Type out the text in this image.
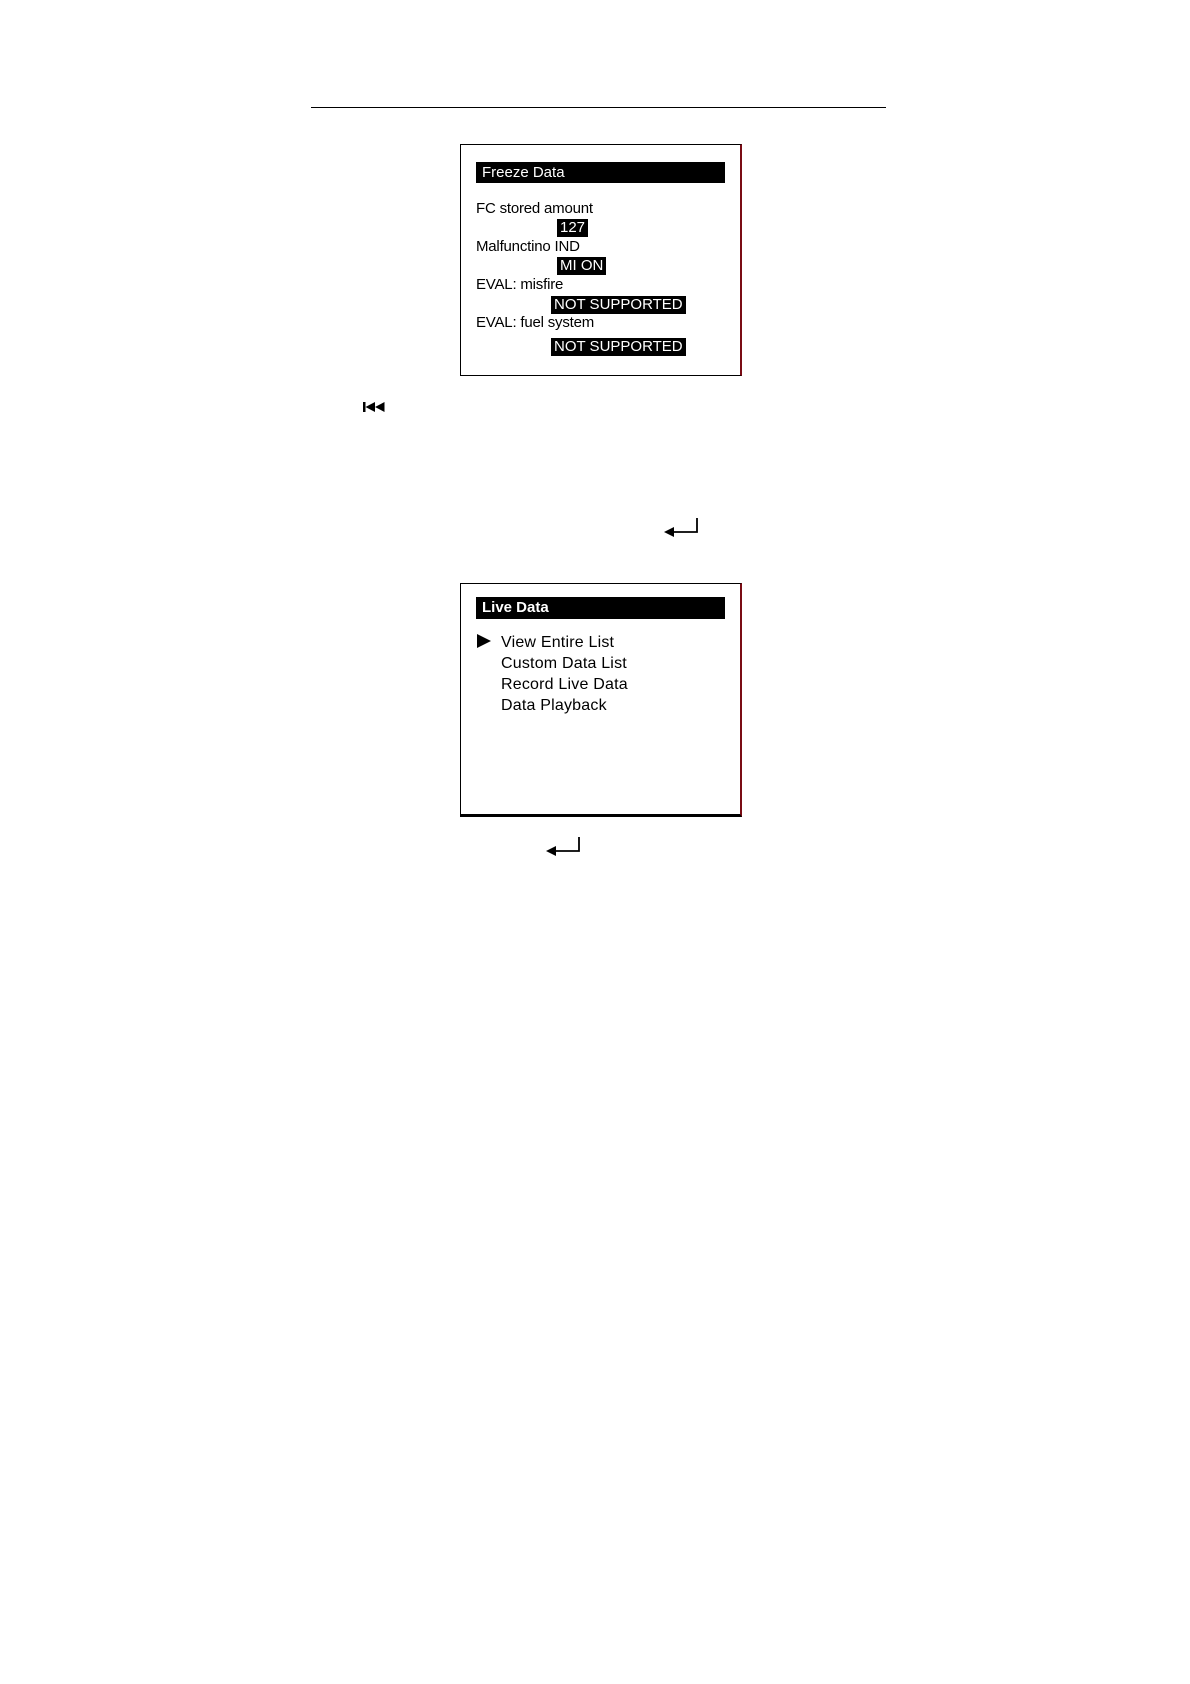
Freeze Data
FC stored amount
127
Malfunctino IND
MI ON
EVAL: misfire
NOT SUPPORTED
EVAL: fuel system
NOT SUPPORTED
Live Data
View Entire List
Custom Data List
Record Live Data
Data Playback
